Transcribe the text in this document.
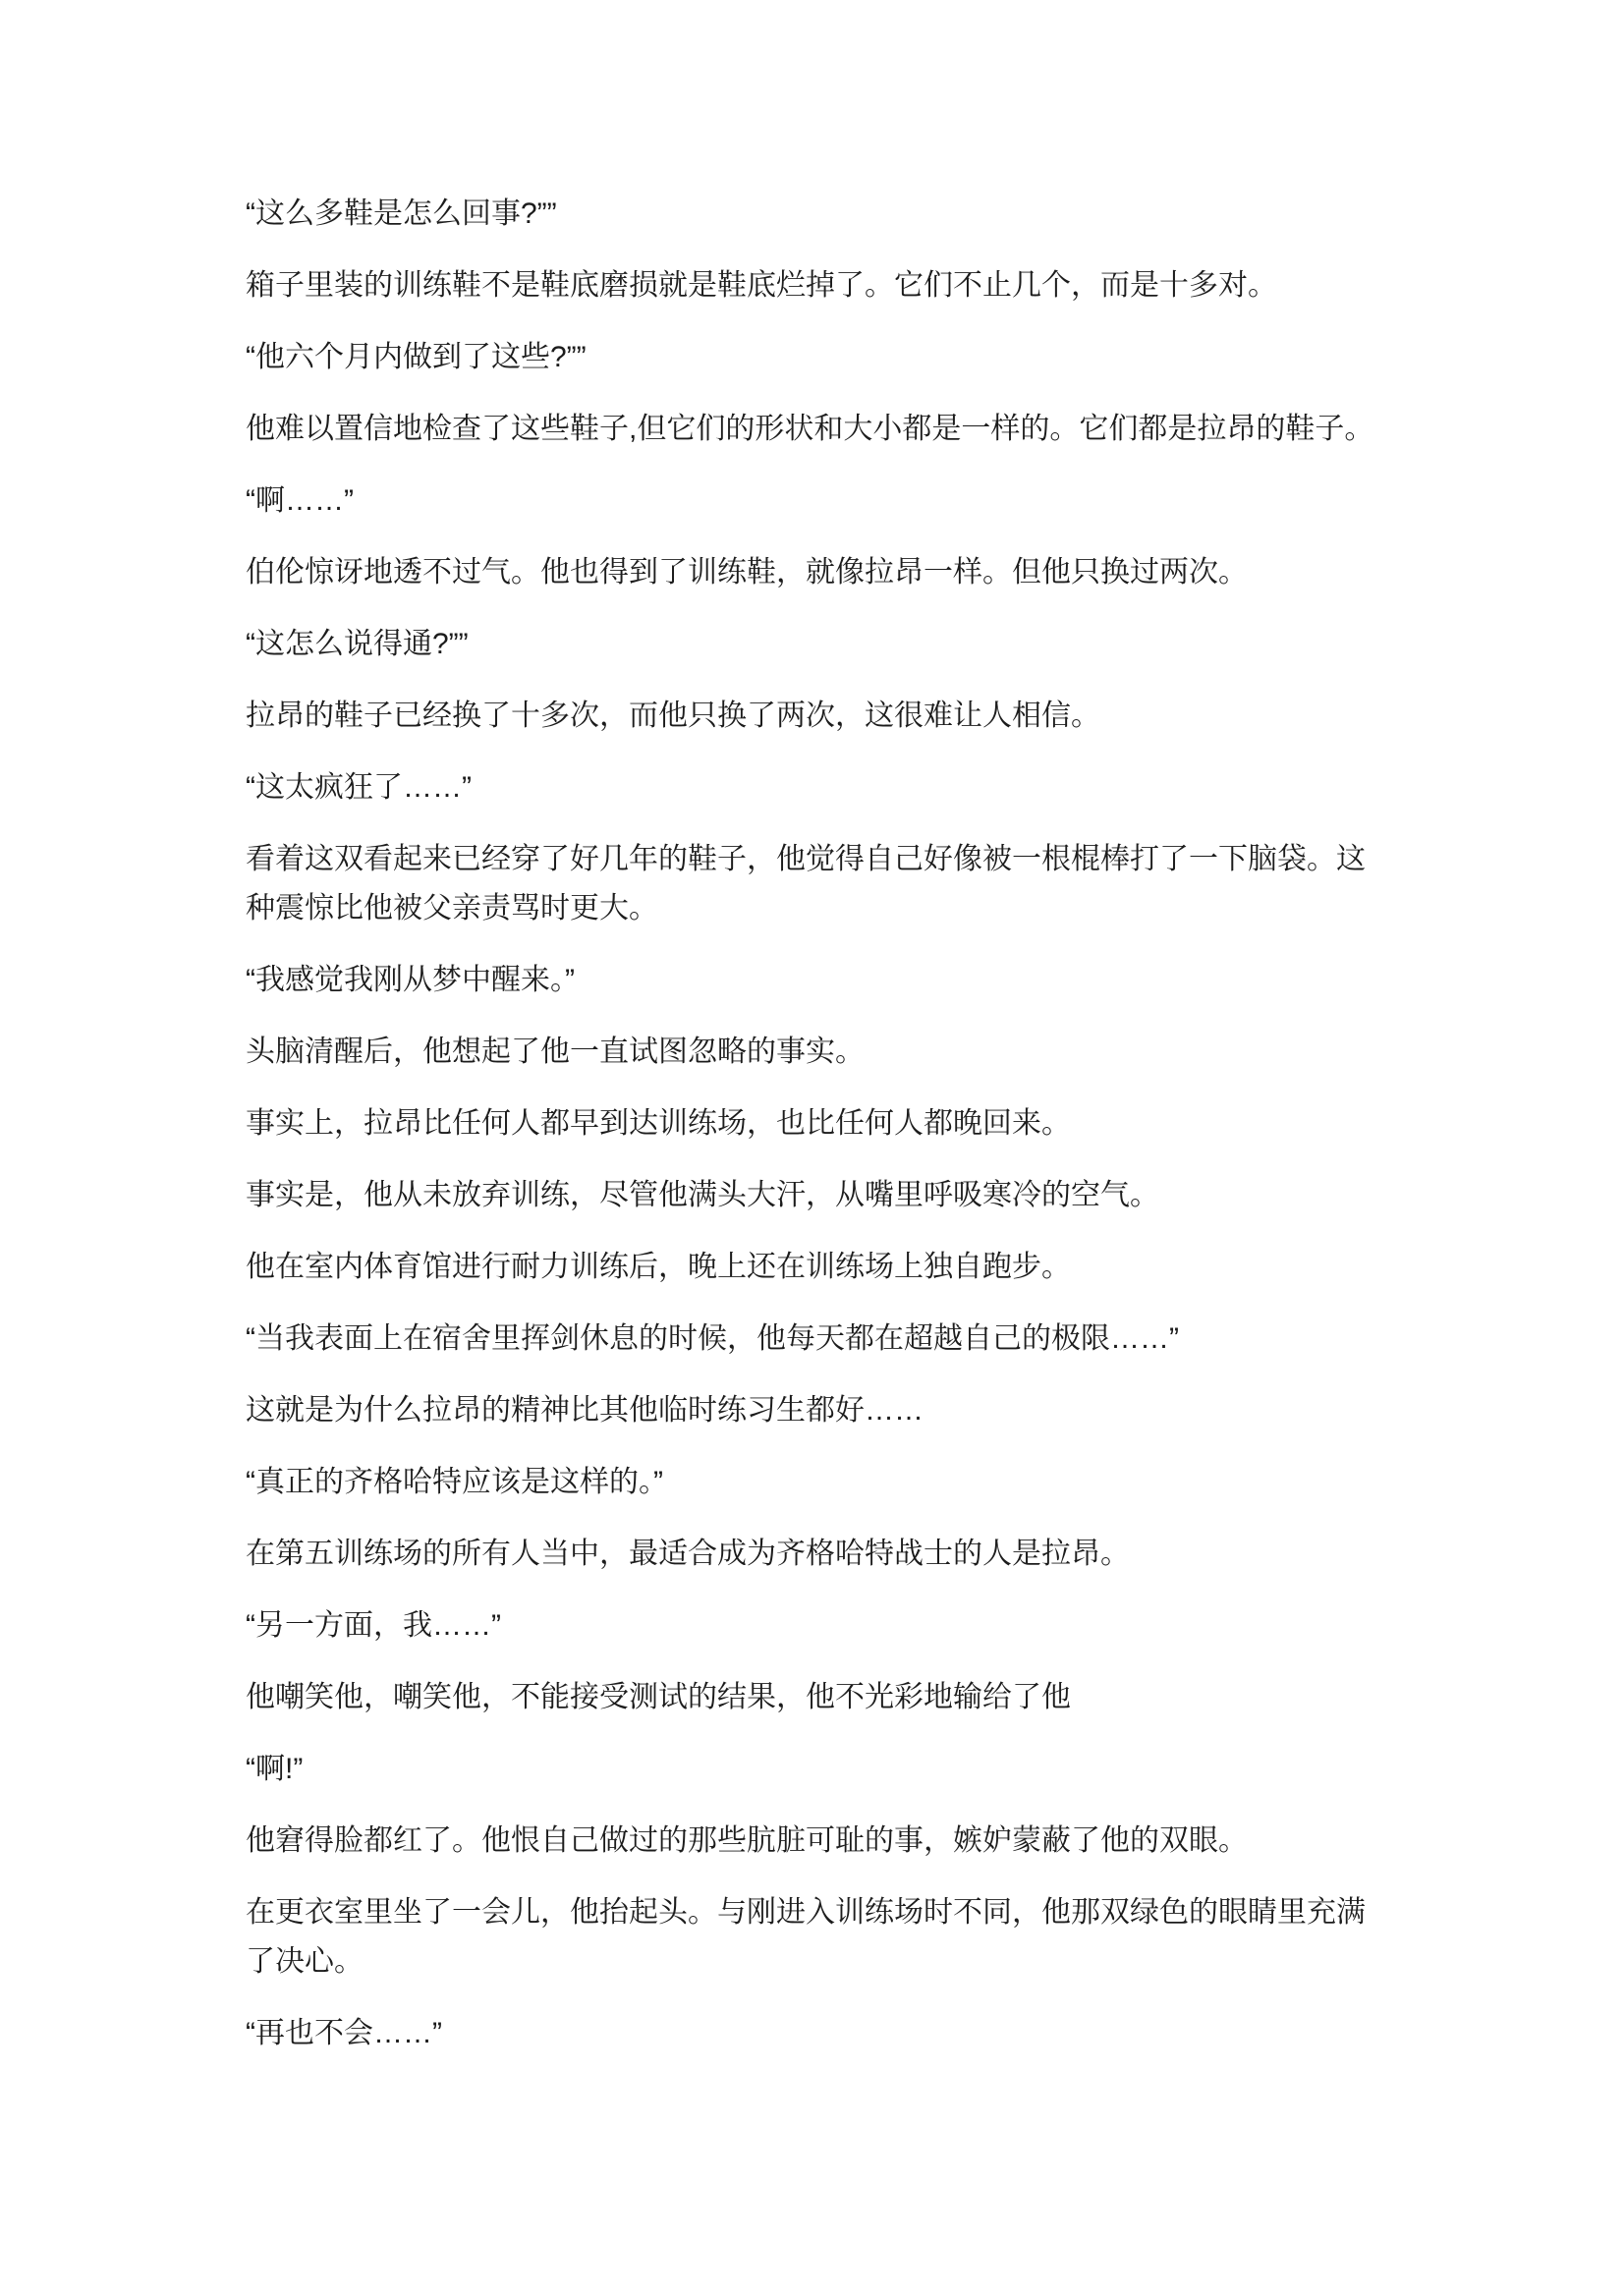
“这么多鞋是怎么回事?””

箱子里装的训练鞋不是鞋底磨损就是鞋底烂掉了。它们不止几个，而是十多对。

“他六个月内做到了这些?””

他难以置信地检查了这些鞋子,但它们的形状和大小都是一样的。它们都是拉昂的鞋子。

“啊……”

伯伦惊讶地透不过气。他也得到了训练鞋，就像拉昂一样。但他只换过两次。

“这怎么说得通?””

拉昂的鞋子已经换了十多次，而他只换了两次，这很难让人相信。

“这太疯狂了……”

看着这双看起来已经穿了好几年的鞋子，他觉得自己好像被一根棍棒打了一下脑袋。这种震惊比他被父亲责骂时更大。

“我感觉我刚从梦中醒来。”

头脑清醒后，他想起了他一直试图忽略的事实。

事实上，拉昂比任何人都早到达训练场，也比任何人都晚回来。

事实是，他从未放弃训练，尽管他满头大汗，从嘴里呼吸寒冷的空气。

他在室内体育馆进行耐力训练后，晚上还在训练场上独自跑步。

“当我表面上在宿舍里挥剑休息的时候，他每天都在超越自己的极限……”

这就是为什么拉昂的精神比其他临时练习生都好……

“真正的齐格哈特应该是这样的。”

在第五训练场的所有人当中，最适合成为齐格哈特战士的人是拉昂。

“另一方面，我……”

他嘲笑他，嘲笑他，不能接受测试的结果，他不光彩地输给了他

“啊!”

他窘得脸都红了。他恨自己做过的那些肮脏可耻的事，嫉妒蒙蔽了他的双眼。

在更衣室里坐了一会儿，他抬起头。与刚进入训练场时不同，他那双绿色的眼睛里充满了决心。

“再也不会……”
